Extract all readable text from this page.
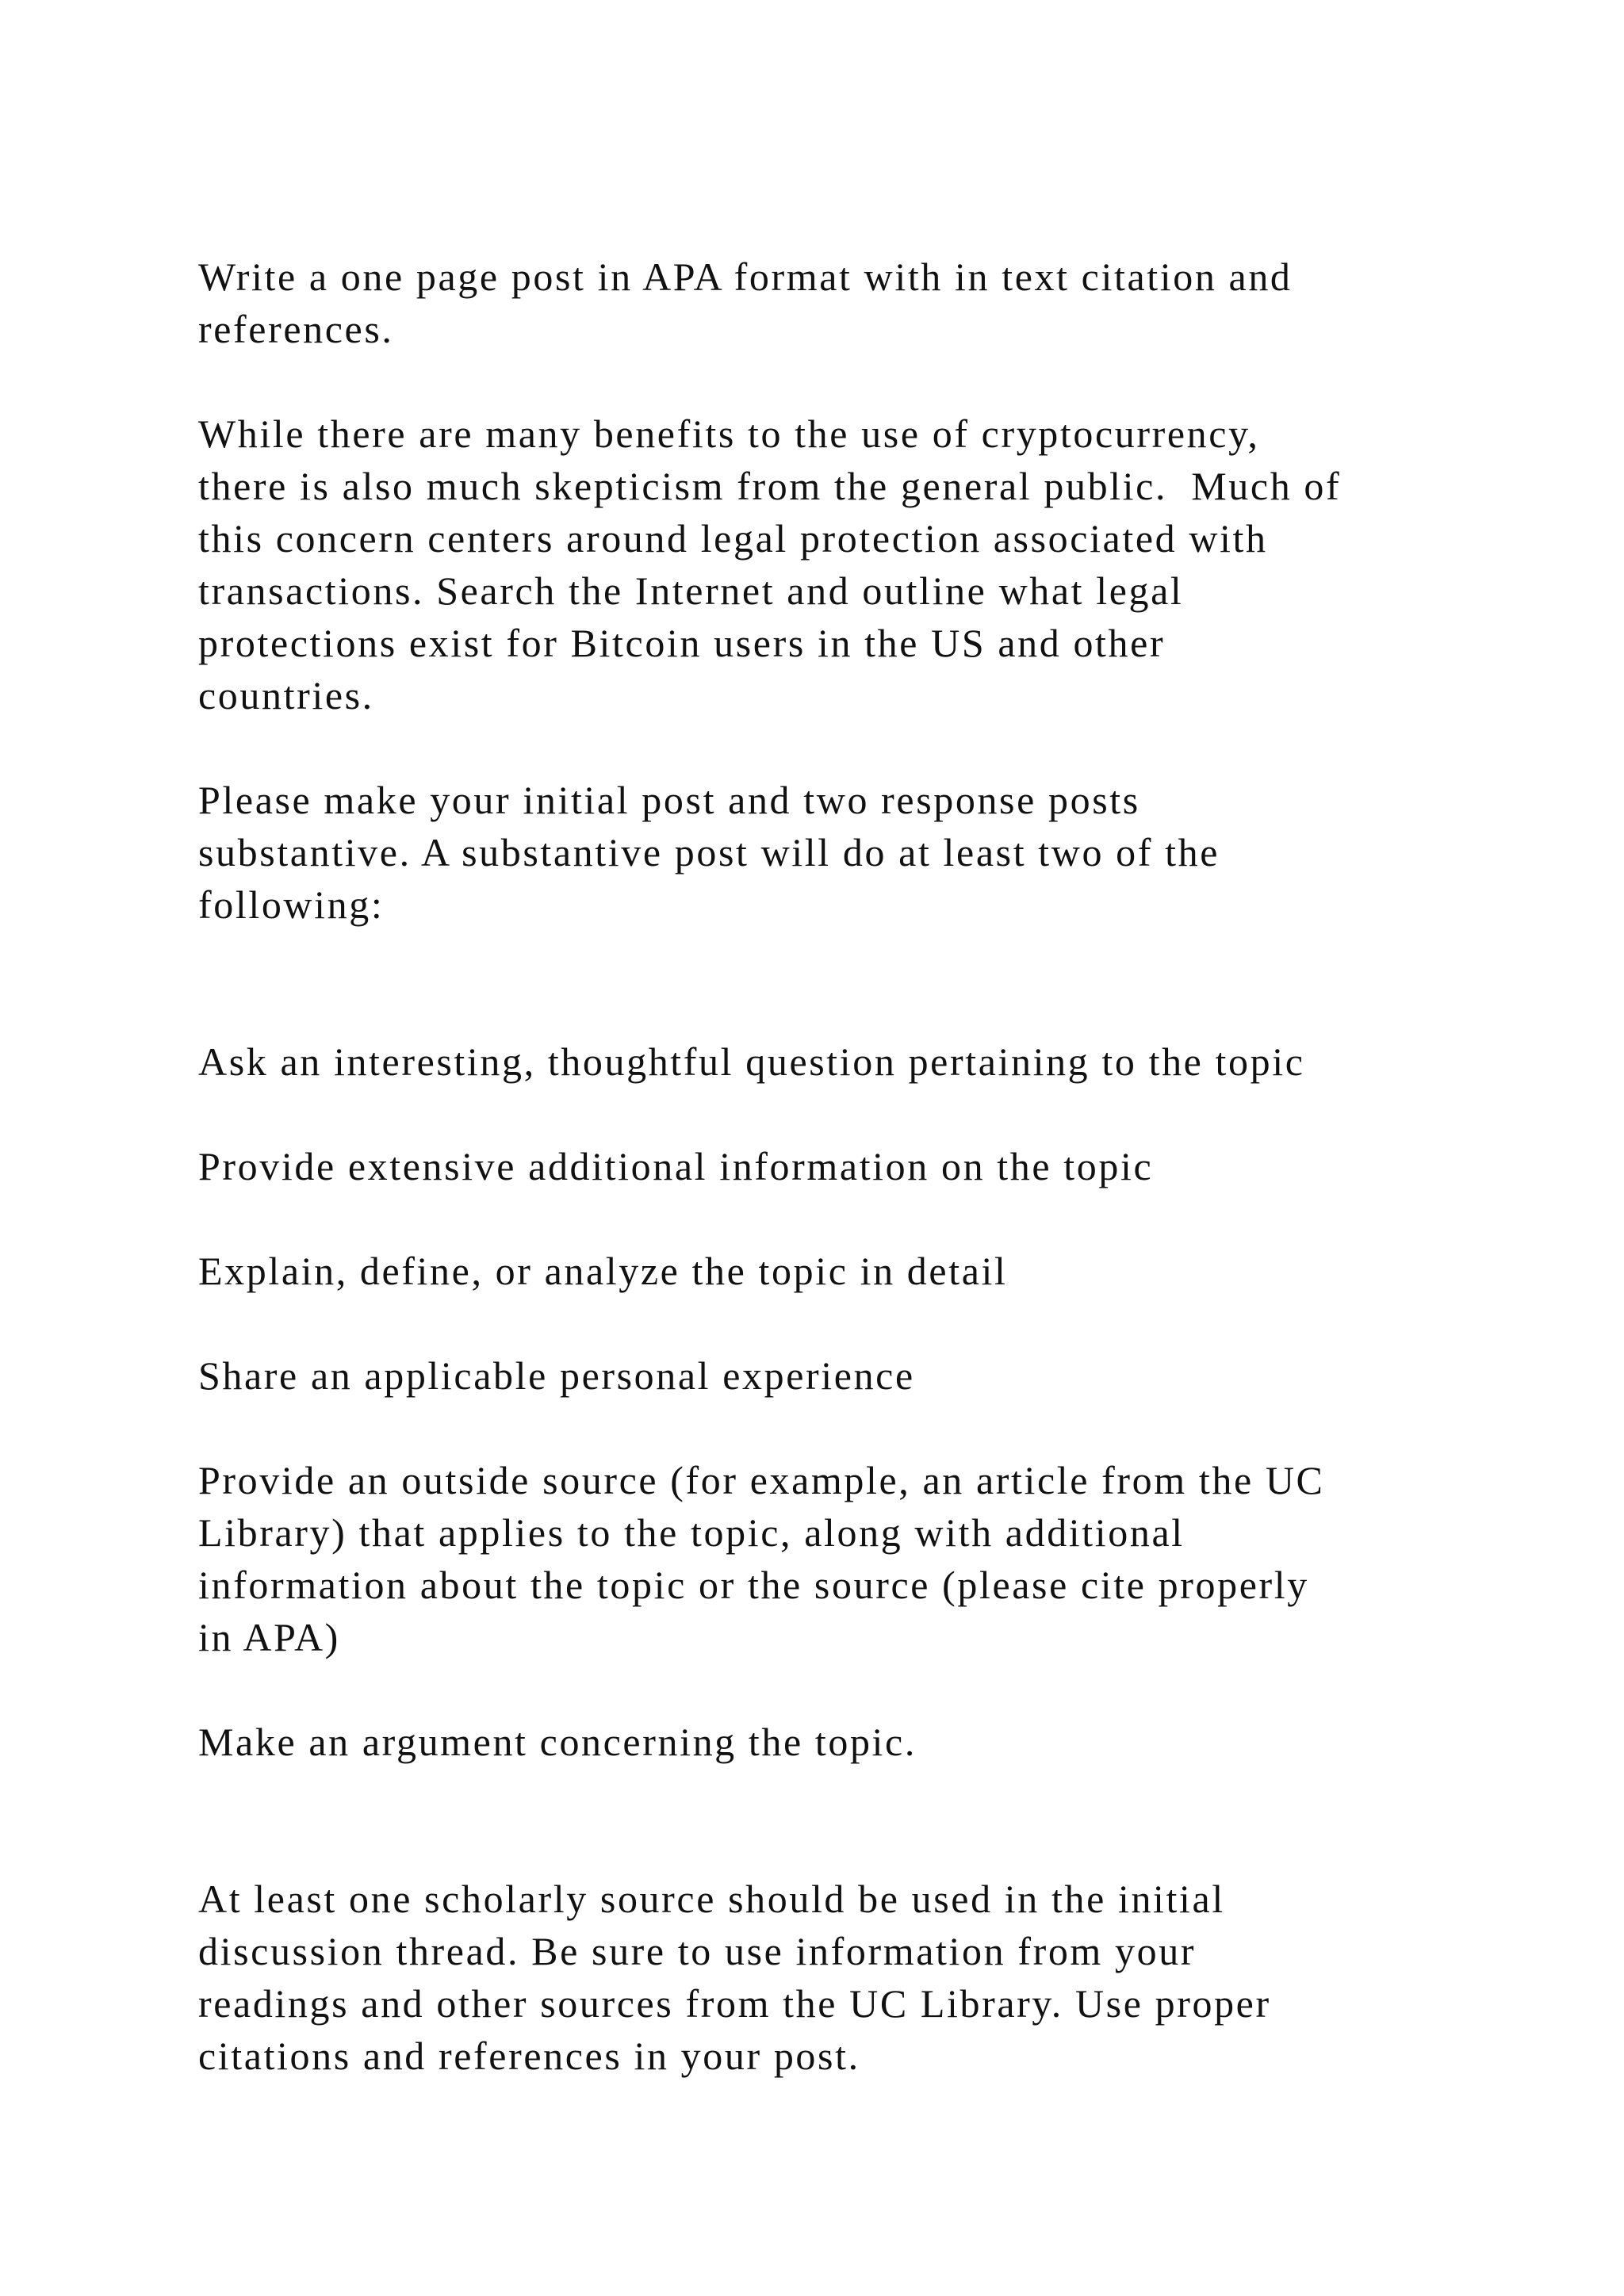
Write a one page post in APA format with in text citation and

references.

While there are many benefits to the use of cryptocurrency,

there is also much skepticism from the general public.  Much of

this concern centers around legal protection associated with

transactions. Search the Internet and outline what legal

protections exist for Bitcoin users in the US and other

countries.

Please make your initial post and two response posts

substantive. A substantive post will do at least two of the

following:

Ask an interesting, thoughtful question pertaining to the topic

Provide extensive additional information on the topic

Explain, define, or analyze the topic in detail

Share an applicable personal experience

Provide an outside source (for example, an article from the UC

Library) that applies to the topic, along with additional

information about the topic or the source (please cite properly

in APA)

Make an argument concerning the topic.

At least one scholarly source should be used in the initial

discussion thread. Be sure to use information from your

readings and other sources from the UC Library. Use proper

citations and references in your post.
